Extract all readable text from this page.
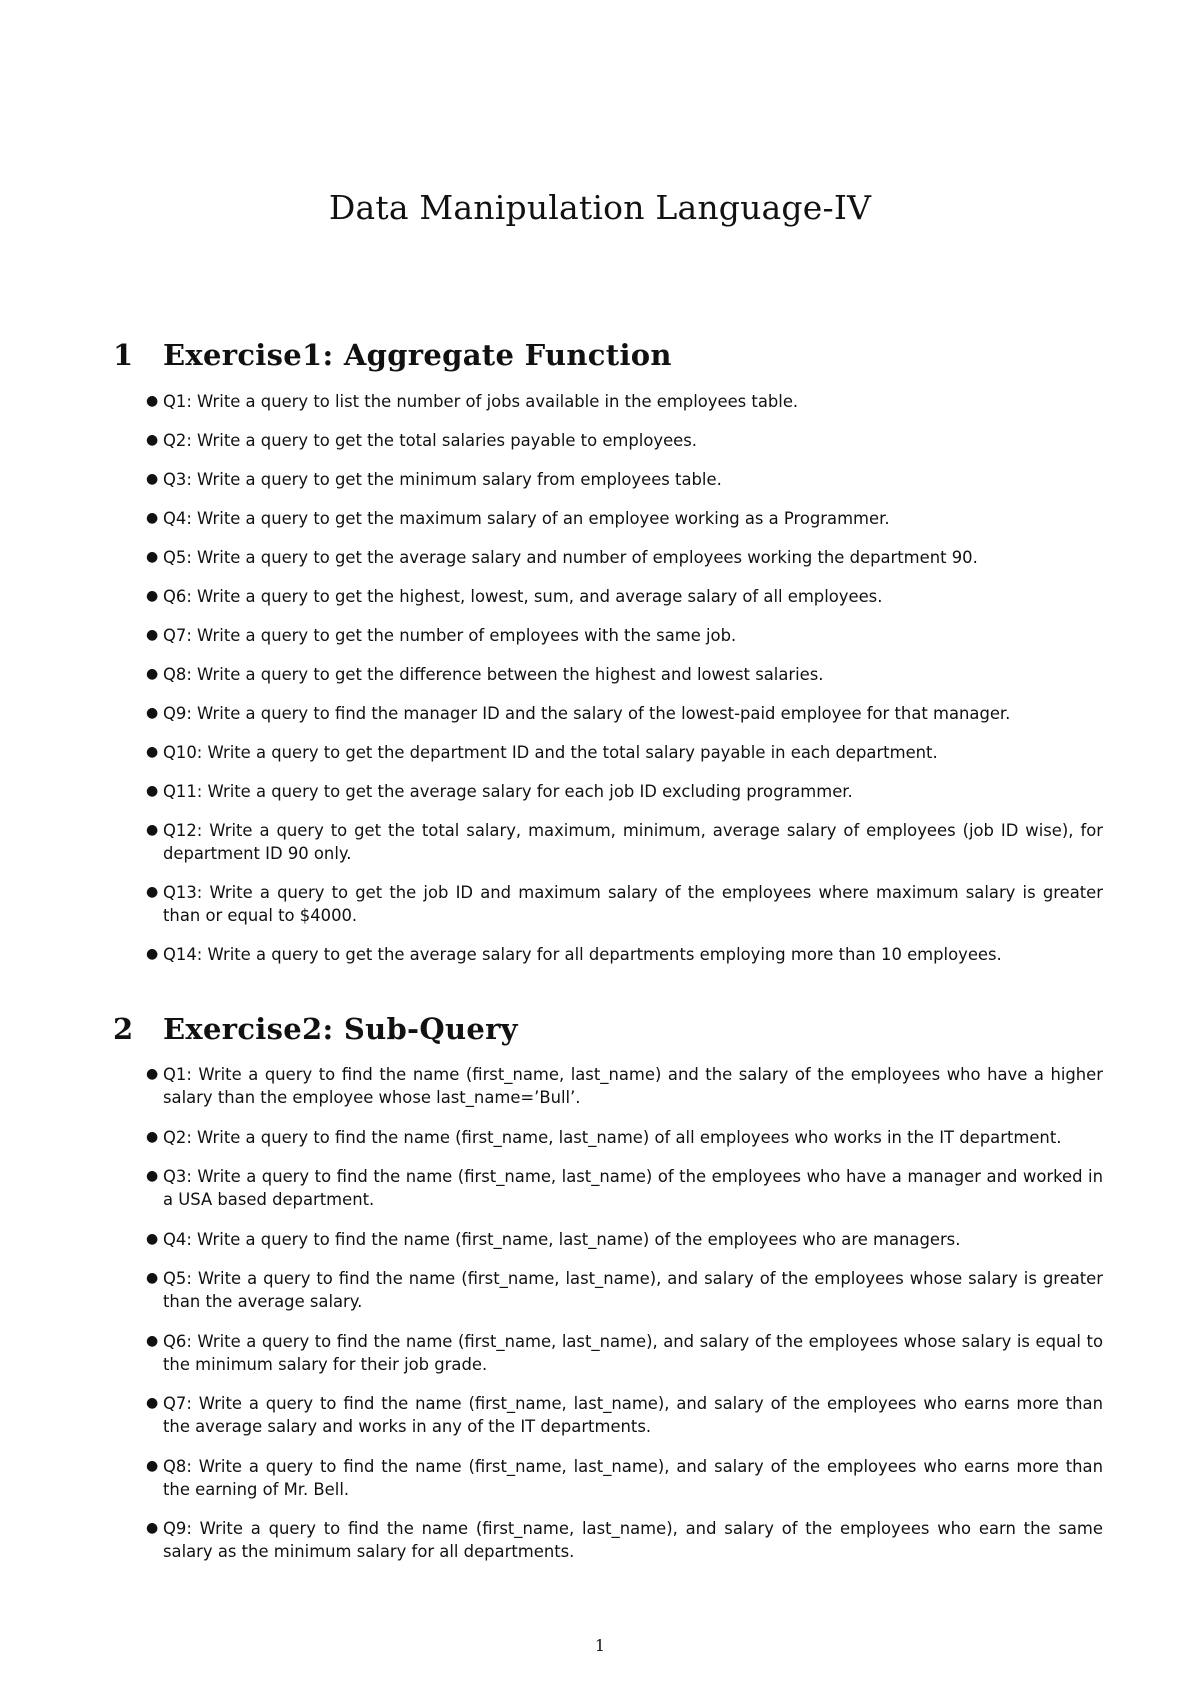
Data Manipulation Language-IV
1	Exercise1: Aggregate Function
● Q1: Write a query to list the number of jobs available in the employees table.
● Q2: Write a query to get the total salaries payable to employees.
● Q3: Write a query to get the minimum salary from employees table.
● Q4: Write a query to get the maximum salary of an employee working as a Programmer.
● Q5: Write a query to get the average salary and number of employees working the department 90.
● Q6: Write a query to get the highest, lowest, sum, and average salary of all employees.
● Q7: Write a query to get the number of employees with the same job.
● Q8: Write a query to get the difference between the highest and lowest salaries.
● Q9: Write a query to find the manager ID and the salary of the lowest-paid employee for that manager.
● Q10: Write a query to get the department ID and the total salary payable in each department.
● Q11: Write a query to get the average salary for each job ID excluding programmer.
● Q12: Write a query to get the total salary, maximum, minimum, average salary of employees (job ID wise), for department ID 90 only.
● Q13: Write a query to get the job ID and maximum salary of the employees where maximum salary is greater than or equal to $4000.
● Q14: Write a query to get the average salary for all departments employing more than 10 employees.
2	Exercise2: Sub-Query
● Q1: Write a query to find the name (first_name, last_name) and the salary of the employees who have a higher salary than the employee whose last_name=’Bull’.
● Q2: Write a query to find the name (first_name, last_name) of all employees who works in the IT department.
● Q3: Write a query to find the name (first_name, last_name) of the employees who have a manager and worked in a USA based department.
● Q4: Write a query to find the name (first_name, last_name) of the employees who are managers.
● Q5: Write a query to find the name (first_name, last_name), and salary of the employees whose salary is greater than the average salary.
● Q6: Write a query to find the name (first_name, last_name), and salary of the employees whose salary is equal to the minimum salary for their job grade.
● Q7: Write a query to find the name (first_name, last_name), and salary of the employees who earns more than the average salary and works in any of the IT departments.
● Q8: Write a query to find the name (first_name, last_name), and salary of the employees who earns more than the earning of Mr. Bell.
● Q9: Write a query to find the name (first_name, last_name), and salary of the employees who earn the same salary as the minimum salary for all departments.
1
